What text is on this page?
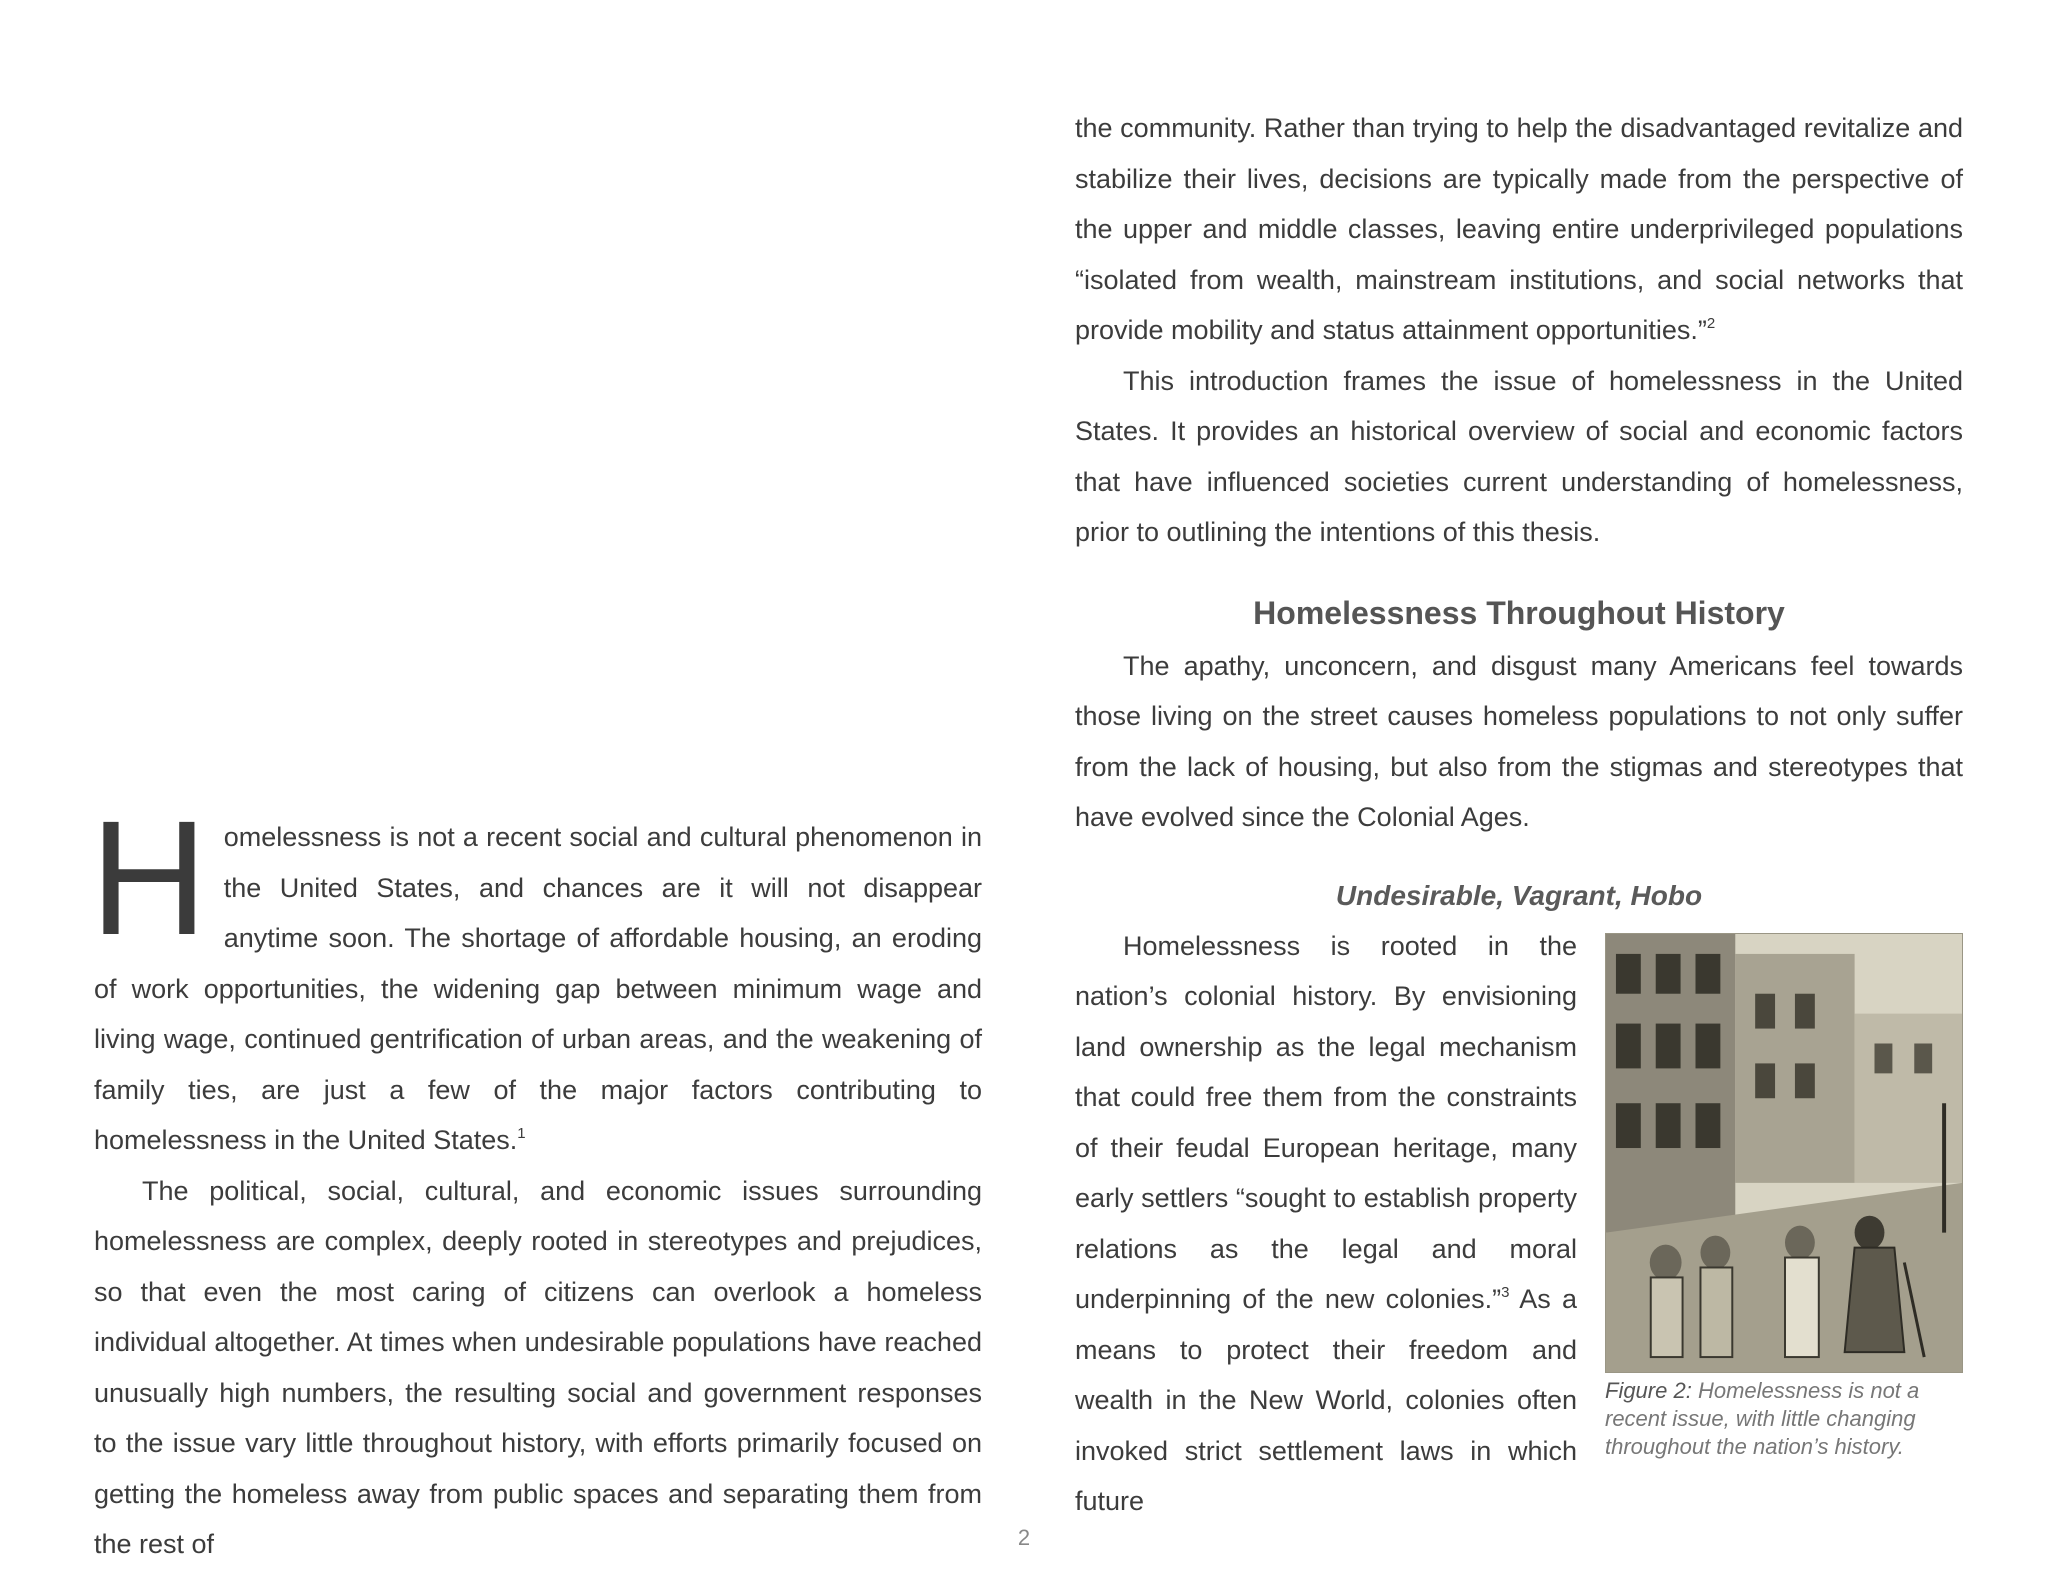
Homelessness is not a recent social and cultural phenomenon in the United States, and chances are it will not disappear anytime soon. The shortage of affordable housing, an eroding of work opportunities, the widening gap between minimum wage and living wage, continued gentrification of urban areas, and the weakening of family ties, are just a few of the major factors contributing to homelessness in the United States.$^1$

The political, social, cultural, and economic issues surrounding homelessness are complex, deeply rooted in stereotypes and prejudices, so that even the most caring of citizens can overlook a homeless individual altogether. At times when undesirable populations have reached unusually high numbers, the resulting social and government responses to the issue vary little throughout history, with efforts primarily focused on getting the homeless away from public spaces and separating them from the rest of

the community. Rather than trying to help the disadvantaged revitalize and stabilize their lives, decisions are typically made from the perspective of the upper and middle classes, leaving entire underprivileged populations “isolated from wealth, mainstream institutions, and social networks that provide mobility and status attainment opportunities.”$^2$

This introduction frames the issue of homelessness in the United States. It provides an historical overview of social and economic factors that have influenced societies current understanding of homelessness, prior to outlining the intentions of this thesis.

Homelessness Throughout History

The apathy, unconcern, and disgust many Americans feel towards those living on the street causes homeless populations to not only suffer from the lack of housing, but also from the stigmas and stereotypes that have evolved since the Colonial Ages.

Undesirable, Vagrant, Hobo
Figure 2: Homelessness is not a recent issue, with little changing throughout the nation’s history.

Homelessness is rooted in the nation’s colonial history. By envisioning land ownership as the legal mechanism that could free them from the constraints of their feudal European heritage, many early settlers “sought to establish property relations as the legal and moral underpinning of the new colonies.”$^3$ As a means to protect their freedom and wealth in the New World, colonies often invoked strict settlement laws in which future

2
